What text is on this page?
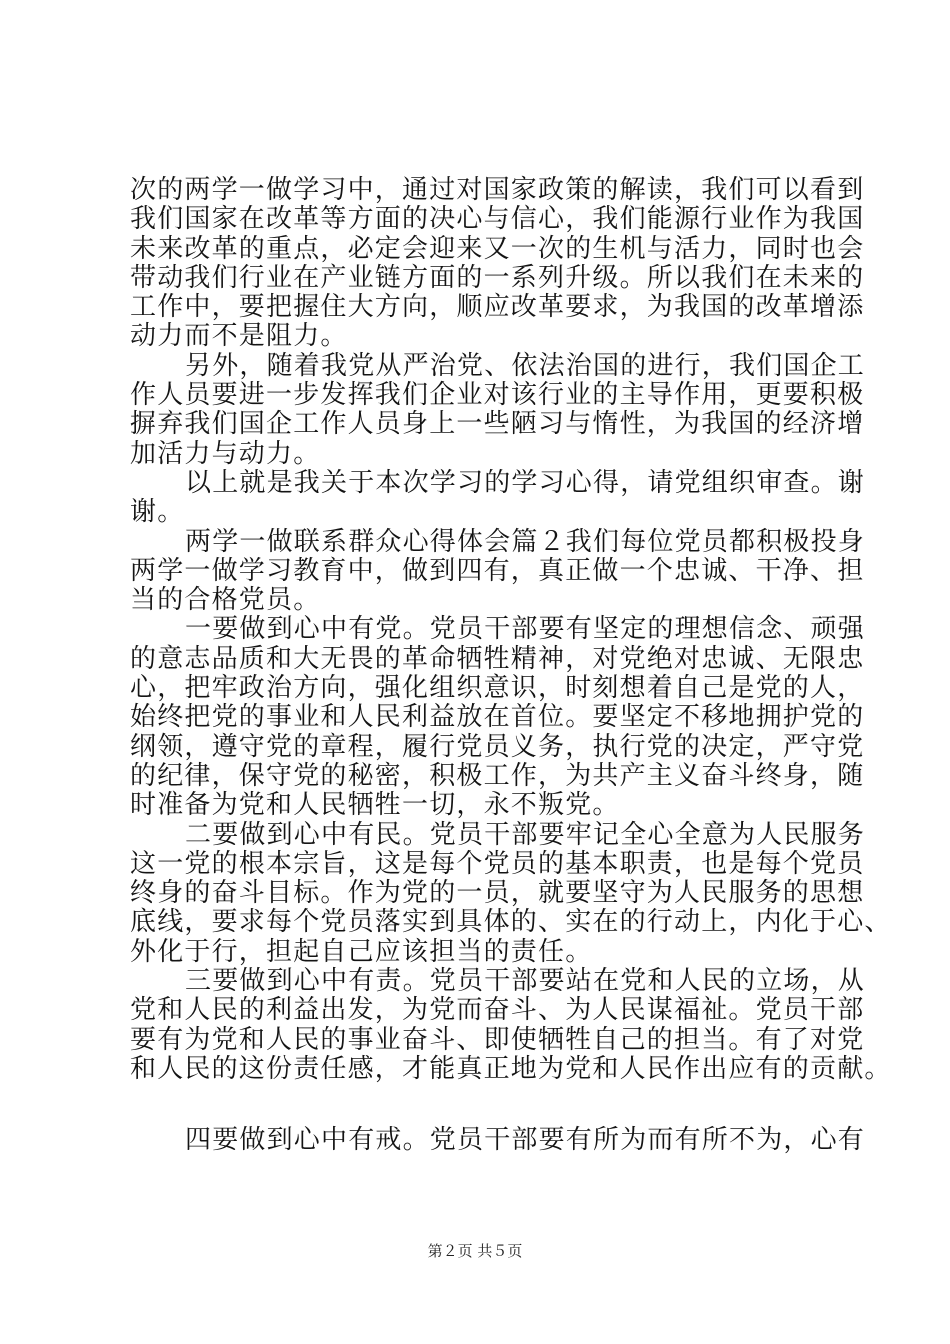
次的两学一做学习中，通过对国家政策的解读，我们可以看到
我们国家在改革等方面的决心与信心，我们能源行业作为我国
未来改革的重点，必定会迎来又一次的生机与活力，同时也会
带动我们行业在产业链方面的一系列升级。所以我们在未来的
工作中，要把握住大方向，顺应改革要求，为我国的改革增添
动力而不是阻力。
另外，随着我党从严治党、依法治国的进行，我们国企工
作人员要进一步发挥我们企业对该行业的主导作用，更要积极
摒弃我们国企工作人员身上一些陋习与惰性，为我国的经济增
加活力与动力。
以上就是我关于本次学习的学习心得，请党组织审查。谢
谢。
两学一做联系群众心得体会篇２我们每位党员都积极投身
两学一做学习教育中，做到四有，真正做一个忠诚、干净、担
当的合格党员。
一要做到心中有党。党员干部要有坚定的理想信念、顽强
的意志品质和大无畏的革命牺牲精神，对党绝对忠诚、无限忠
心，把牢政治方向，强化组织意识，时刻想着自己是党的人，
始终把党的事业和人民利益放在首位。要坚定不移地拥护党的
纲领，遵守党的章程，履行党员义务，执行党的决定，严守党
的纪律，保守党的秘密，积极工作，为共产主义奋斗终身，随
时准备为党和人民牺牲一切，永不叛党。
二要做到心中有民。党员干部要牢记全心全意为人民服务
这一党的根本宗旨，这是每个党员的基本职责，也是每个党员
终身的奋斗目标。作为党的一员，就要坚守为人民服务的思想
底线，要求每个党员落实到具体的、实在的行动上，内化于心、
外化于行，担起自己应该担当的责任。
三要做到心中有责。党员干部要站在党和人民的立场，从
党和人民的利益出发，为党而奋斗、为人民谋福祉。党员干部
要有为党和人民的事业奋斗、即使牺牲自己的担当。有了对党
和人民的这份责任感，才能真正地为党和人民作出应有的贡献。
四要做到心中有戒。党员干部要有所为而有所不为，心有
第２页 共５页
